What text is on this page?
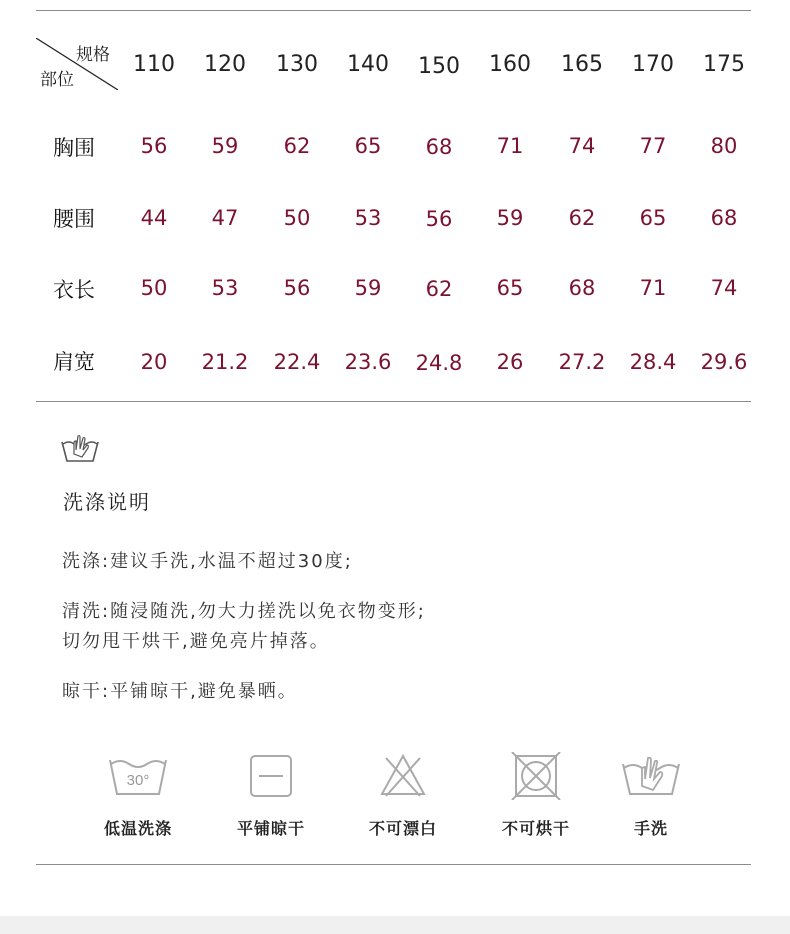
规格
部位
110	120	130	140	150	160	165	170	175
胸围	56	59	62	65	68	71	74	77	80
腰围	44	47	50	53	56	59	62	65	68
衣长	50	53	56	59	62	65	68	71	74
肩宽	20	21.2	22.4	23.6	24.8	26	27.2	28.4	29.6
洗涤说明
洗涤:建议手洗,水温不超过30度;
清洗:随浸随洗,勿大力搓洗以免衣物变形;
切勿甩干烘干,避免亮片掉落。
晾干:平铺晾干,避免暴晒。
30°
低温洗涤	平铺晾干	不可漂白	不可烘干	手洗
